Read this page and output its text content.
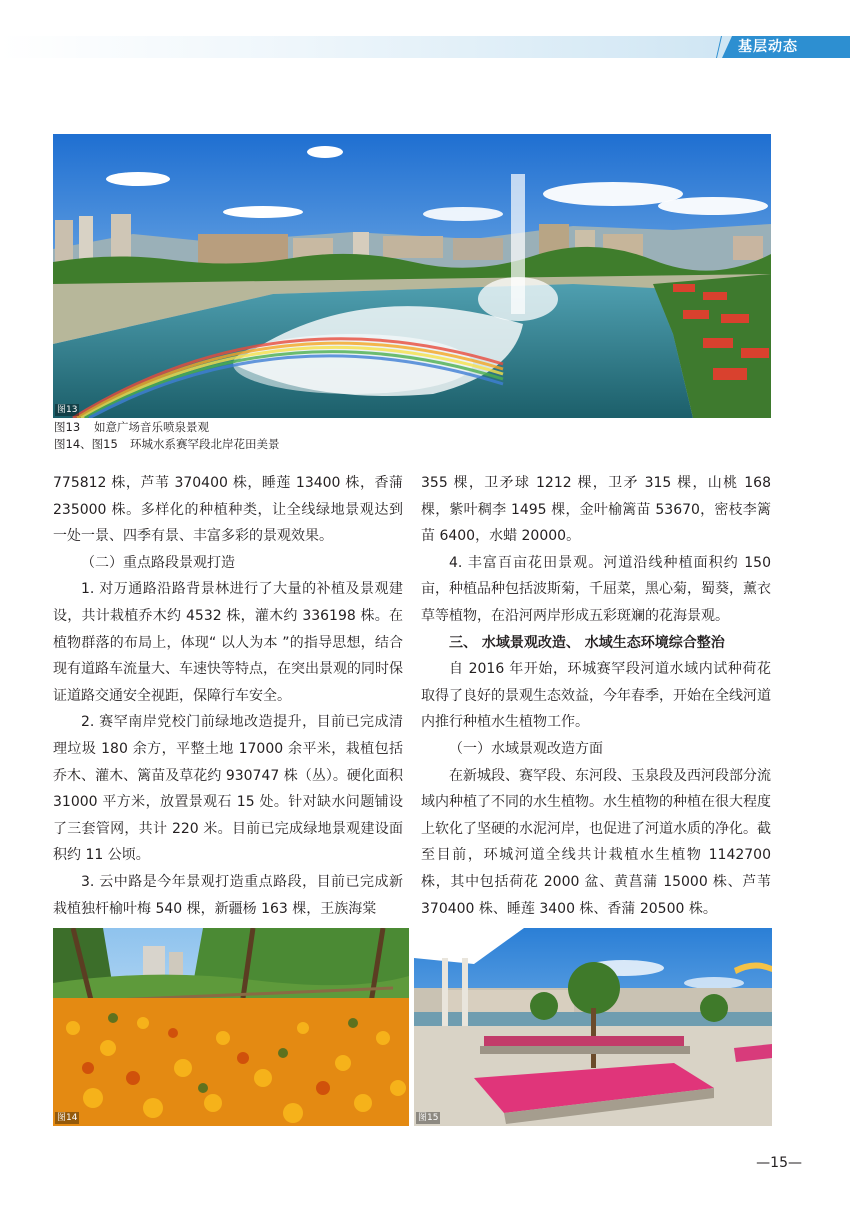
基层动态
图13
图13 如意广场音乐喷泉景观
图14、图15 环城水系赛罕段北岸花田美景

775812 株，芦苇 370400 株，睡莲 13400 株，香蒲 235000 株。多样化的种植种类，让全线绿地景观达到一处一景、四季有景、丰富多彩的景观效果。

（二）重点路段景观打造

1. 对万通路沿路背景林进行了大量的补植及景观建设，共计栽植乔木约 4532 株，灌木约 336198 株。在植物群落的布局上，体现“ 以人为本 ”的指导思想，结合现有道路车流量大、车速快等特点，在突出景观的同时保证道路交通安全视距，保障行车安全。

2. 赛罕南岸党校门前绿地改造提升，目前已完成清理垃圾 180 余方，平整土地 17000 余平米，栽植包括乔木、灌木、篱苗及草花约 930747 株（丛）。硬化面积 31000 平方米，放置景观石 15 处。针对缺水问题铺设了三套管网，共计 220 米。目前已完成绿地景观建设面积约 11 公顷。

3. 云中路是今年景观打造重点路段，目前已完成新栽植独杆榆叶梅 540 棵，新疆杨 163 棵，王族海棠

355 棵，卫矛球 1212 棵，卫矛 315 棵，山桃 168 棵，紫叶稠李 1495 棵，金叶榆篱苗 53670，密枝李篱苗 6400，水蜡 20000。

4. 丰富百亩花田景观。河道沿线种植面积约 150 亩，种植品种包括波斯菊，千屈菜，黑心菊，蜀葵，薰衣草等植物，在沿河两岸形成五彩斑斓的花海景观。

三、 水域景观改造、 水域生态环境综合整治

自 2016 年开始，环城赛罕段河道水域内试种荷花取得了良好的景观生态效益，今年春季，开始在全线河道内推行种植水生植物工作。

（一）水域景观改造方面

在新城段、赛罕段、东河段、玉泉段及西河段部分流域内种植了不同的水生植物。水生植物的种植在很大程度上软化了坚硬的水泥河岸，也促进了河道水质的净化。截至目前，环城河道全线共计栽植水生植物 1142700 株，其中包括荷花 2000 盆、黄菖蒲 15000 株、芦苇 370400 株、睡莲 3400 株、香蒲 20500 株。

图14	图15
—15—
